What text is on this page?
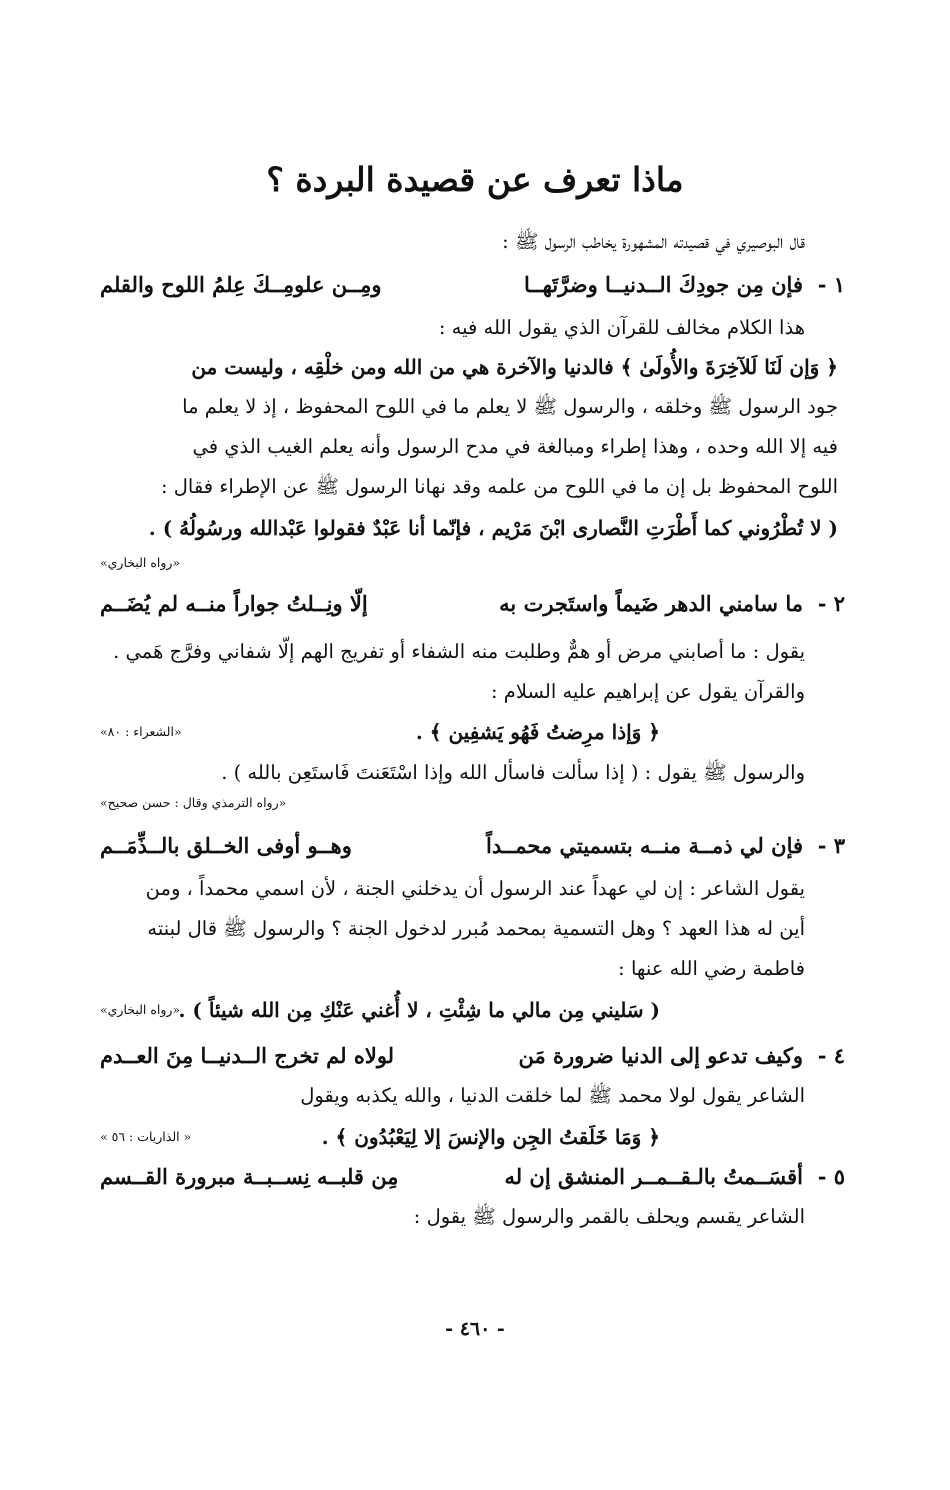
ماذا تعرف عن قصيدة البردة ؟
قال البوصيري في قصيدته المشهورة يخاطب الرسول ﷺ :
١ -
فإن مِن جودِكَ الــدنيــا وضرَّتَهــا
ومِــن علومِــكَ عِلمُ اللوح والقلم
هذا الكلام مخالف للقرآن الذي يقول الله فيه :
﴿ وَإن لَنَا لَلآخِرَةَ والأُولَىٰ ﴾ فالدنيا والآخرة هي من الله ومن خلْقِه ، وليست من
جود الرسول ﷺ وخلقه ، والرسول ﷺ لا يعلم ما في اللوح المحفوظ ، إذ لا يعلم ما
فيه إلا الله وحده ، وهذا إطراء ومبالغة في مدح الرسول وأنه يعلم الغيب الذي في
اللوح المحفوظ بل إن ما في اللوح من علمه وقد نهانا الرسول ﷺ عن الإطراء فقال :
( لا تُطْرُوني كما أَطْرَتِ النَّصارى ابْنَ مَرْيم ، فإنّما أنا عَبْدٌ فقولوا عَبْدالله ورسُولُهُ ) .
«رواه البخاري»
٢ -
ما سامني الدهر ضَيماً واستَجرت به
إلّا ونِــلتُ جواراً منــه لم يُضَــم
يقول : ما أصابني مرض أو همٌّ وطلبت منه الشفاء أو تفريج الهم إلّا شفاني وفرَّج هَمي .
والقرآن يقول عن إبراهيم عليه السلام :
﴿ وَإذا مرِضتُ فَهُو يَشفِين ﴾ .
«الشعراء : ٨٠»
والرسول ﷺ يقول : ( إذا سألت فاسأل الله وإذا اسْتَعَنتَ فَاستَعِن بالله ) .
«رواه الترمذي وقال : حسن صحيح»
٣ -
فإن لي ذمــة منــه بتسميتي محمــداً
وهــو أوفى الخــلق بالــذِّمَــم
يقول الشاعر : إن لي عهداً عند الرسول أن يدخلني الجنة ، لأن اسمي محمداً ، ومن
أين له هذا العهد ؟ وهل التسمية بمحمد مُبرر لدخول الجنة ؟ والرسول ﷺ قال لبنته
فاطمة رضي الله عنها :
( سَليني مِن مالي ما شِئْتِ ، لا أُغني عَنْكِ مِن الله شيئاً ) .
«رواه البخاري»
٤ -
وكيف تدعو إلى الدنيا ضرورة مَن
لولاه لم تخرج الــدنيــا مِنَ العــدم
الشاعر يقول لولا محمد ﷺ لما خلقت الدنيا ، والله يكذبه ويقول
﴿ وَمَا خَلَقتُ الجِن والإنسَ إلا لِيَعْبُدُون ﴾ .
« الذاريات : ٥٦ »
٥ -
أقسَــمتُ بالـقــمــر المنشق إن له
مِن قلبــه نِســبــة مبرورة القــسم
الشاعر يقسم ويحلف بالقمر والرسول ﷺ يقول :
- ٤٦٠ -
